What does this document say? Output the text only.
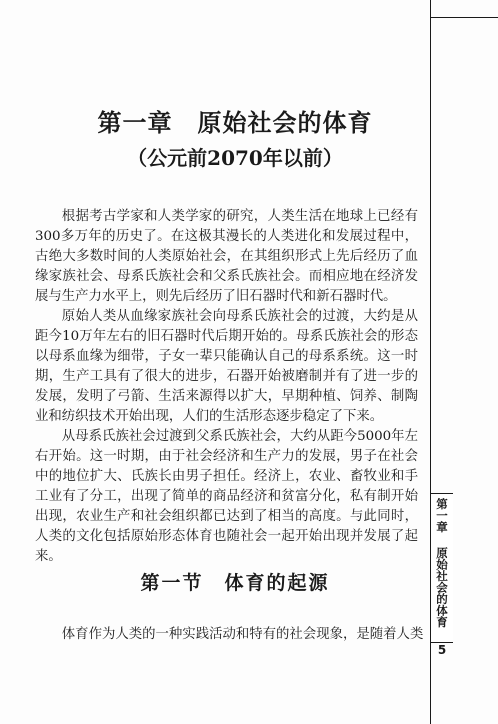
第一章　原始社会的体育
（公元前2070年以前）

根据考古学家和人类学家的研究，人类生活在地球上已经有300多万年的历史了。在这极其漫长的人类进化和发展过程中，古绝大多数时间的人类原始社会，在其组织形式上先后经历了血缘家族社会、母系氏族社会和父系氏族社会。而相应地在经济发展与生产力水平上，则先后经历了旧石器时代和新石器时代。

原始人类从血缘家族社会向母系氏族社会的过渡，大约是从距今10万年左右的旧石器时代后期开始的。母系氏族社会的形态以母系血缘为细带，子女一辈只能确认自己的母系系统。这一时期，生产工具有了很大的进步，石器开始被磨制并有了进一步的发展，发明了弓箭、生活来源得以扩大，早期种植、饲养、制陶业和纺织技术开始出现，人们的生活形态逐步稳定了下来。

从母系氏族社会过渡到父系氏族社会，大约从距今5000年左右开始。这一时期，由于社会经济和生产力的发展，男子在社会中的地位扩大、氏族长由男子担任。经济上，农业、畜牧业和手工业有了分工，出现了简单的商品经济和贫富分化，私有制开始出现，农业生产和社会组织都已达到了相当的高度。与此同时，人类的文化包括原始形态体育也随社会一起开始出现并发展了起来。

第一节　体育的起源

体育作为人类的一种实践活动和特有的社会现象，是随着人类

第一章
原始社会的体育
5
